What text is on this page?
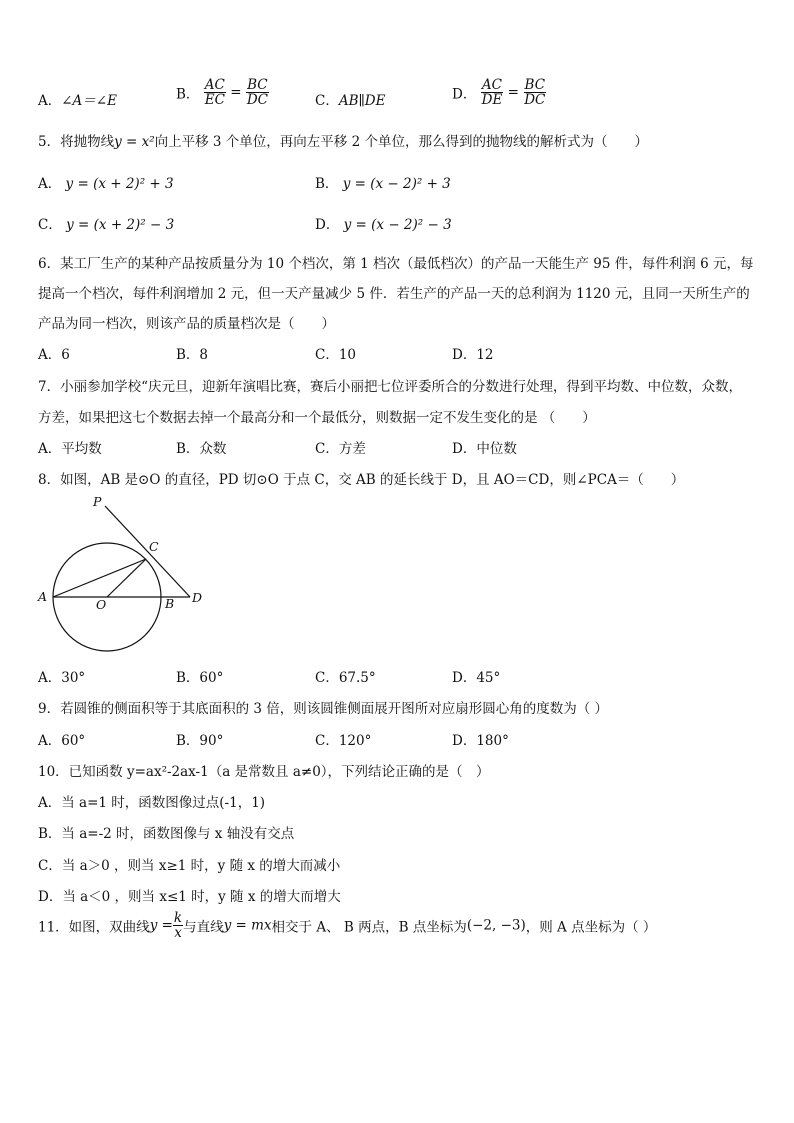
A．∠A＝∠E	B． $\frac{AC}{EC} = \frac{BC}{DC}$	C．AB∥DE	D． $\frac{AC}{DE} = \frac{BC}{DC}$
5．将抛物线y = x²向上平移 3 个单位，再向左平移 2 个单位，那么得到的抛物线的解析式为（　　）
A． y = (x + 2)² + 3	B． y = (x − 2)² + 3
C． y = (x + 2)² − 3	D． y = (x − 2)² − 3
6．某工厂生产的某种产品按质量分为 10 个档次，第 1 档次（最低档次）的产品一天能生产 95 件，每件利润 6 元，每
提高一个档次，每件利润增加 2 元，但一天产量减少 5 件．若生产的产品一天的总利润为 1120 元，且同一天所生产的
产品为同一档次，则该产品的质量档次是（　　）
A．6	B．8	C．10	D．12
7．小丽参加学校“庆元旦，迎新年演唱比赛，赛后小丽把七位评委所合的分数进行处理，得到平均数、中位数，众数，
方差，如果把这七个数据去掉一个最高分和一个最低分，则数据一定不发生变化的是 （　　）
A．平均数	B．众数	C．方差	D．中位数
8．如图，AB 是⊙O 的直径，PD 切⊙O 于点 C，交 AB 的延长线于 D，且 AO＝CD，则∠PCA＝（　　）
P
C
A
O	B D
A．30°	B．60°	C．67.5°	D．45°
9．若圆锥的侧面积等于其底面积的 3 倍，则该圆锥侧面展开图所对应扇形圆心角的度数为（ ）
A．60°	B．90°	C．120°	D．180°
10．已知函数 y=ax²-2ax-1（a 是常数且 a≠0），下列结论正确的是（　）
A．当 a=1 时，函数图像过点(-1，1)
B．当 a=-2 时，函数图像与 x 轴没有交点
C．当 a＞0 ，则当 x≥1 时，y 随 x 的增大而减小
D．当 a＜0 ，则当 x≤1 时，y 随 x 的增大而增大
11．如图，双曲线$y = \frac{k}{x}$ 与直线y = mx相交于 A、 B 两点，B 点坐标为(−2, −3)，则 A 点坐标为（ ）
